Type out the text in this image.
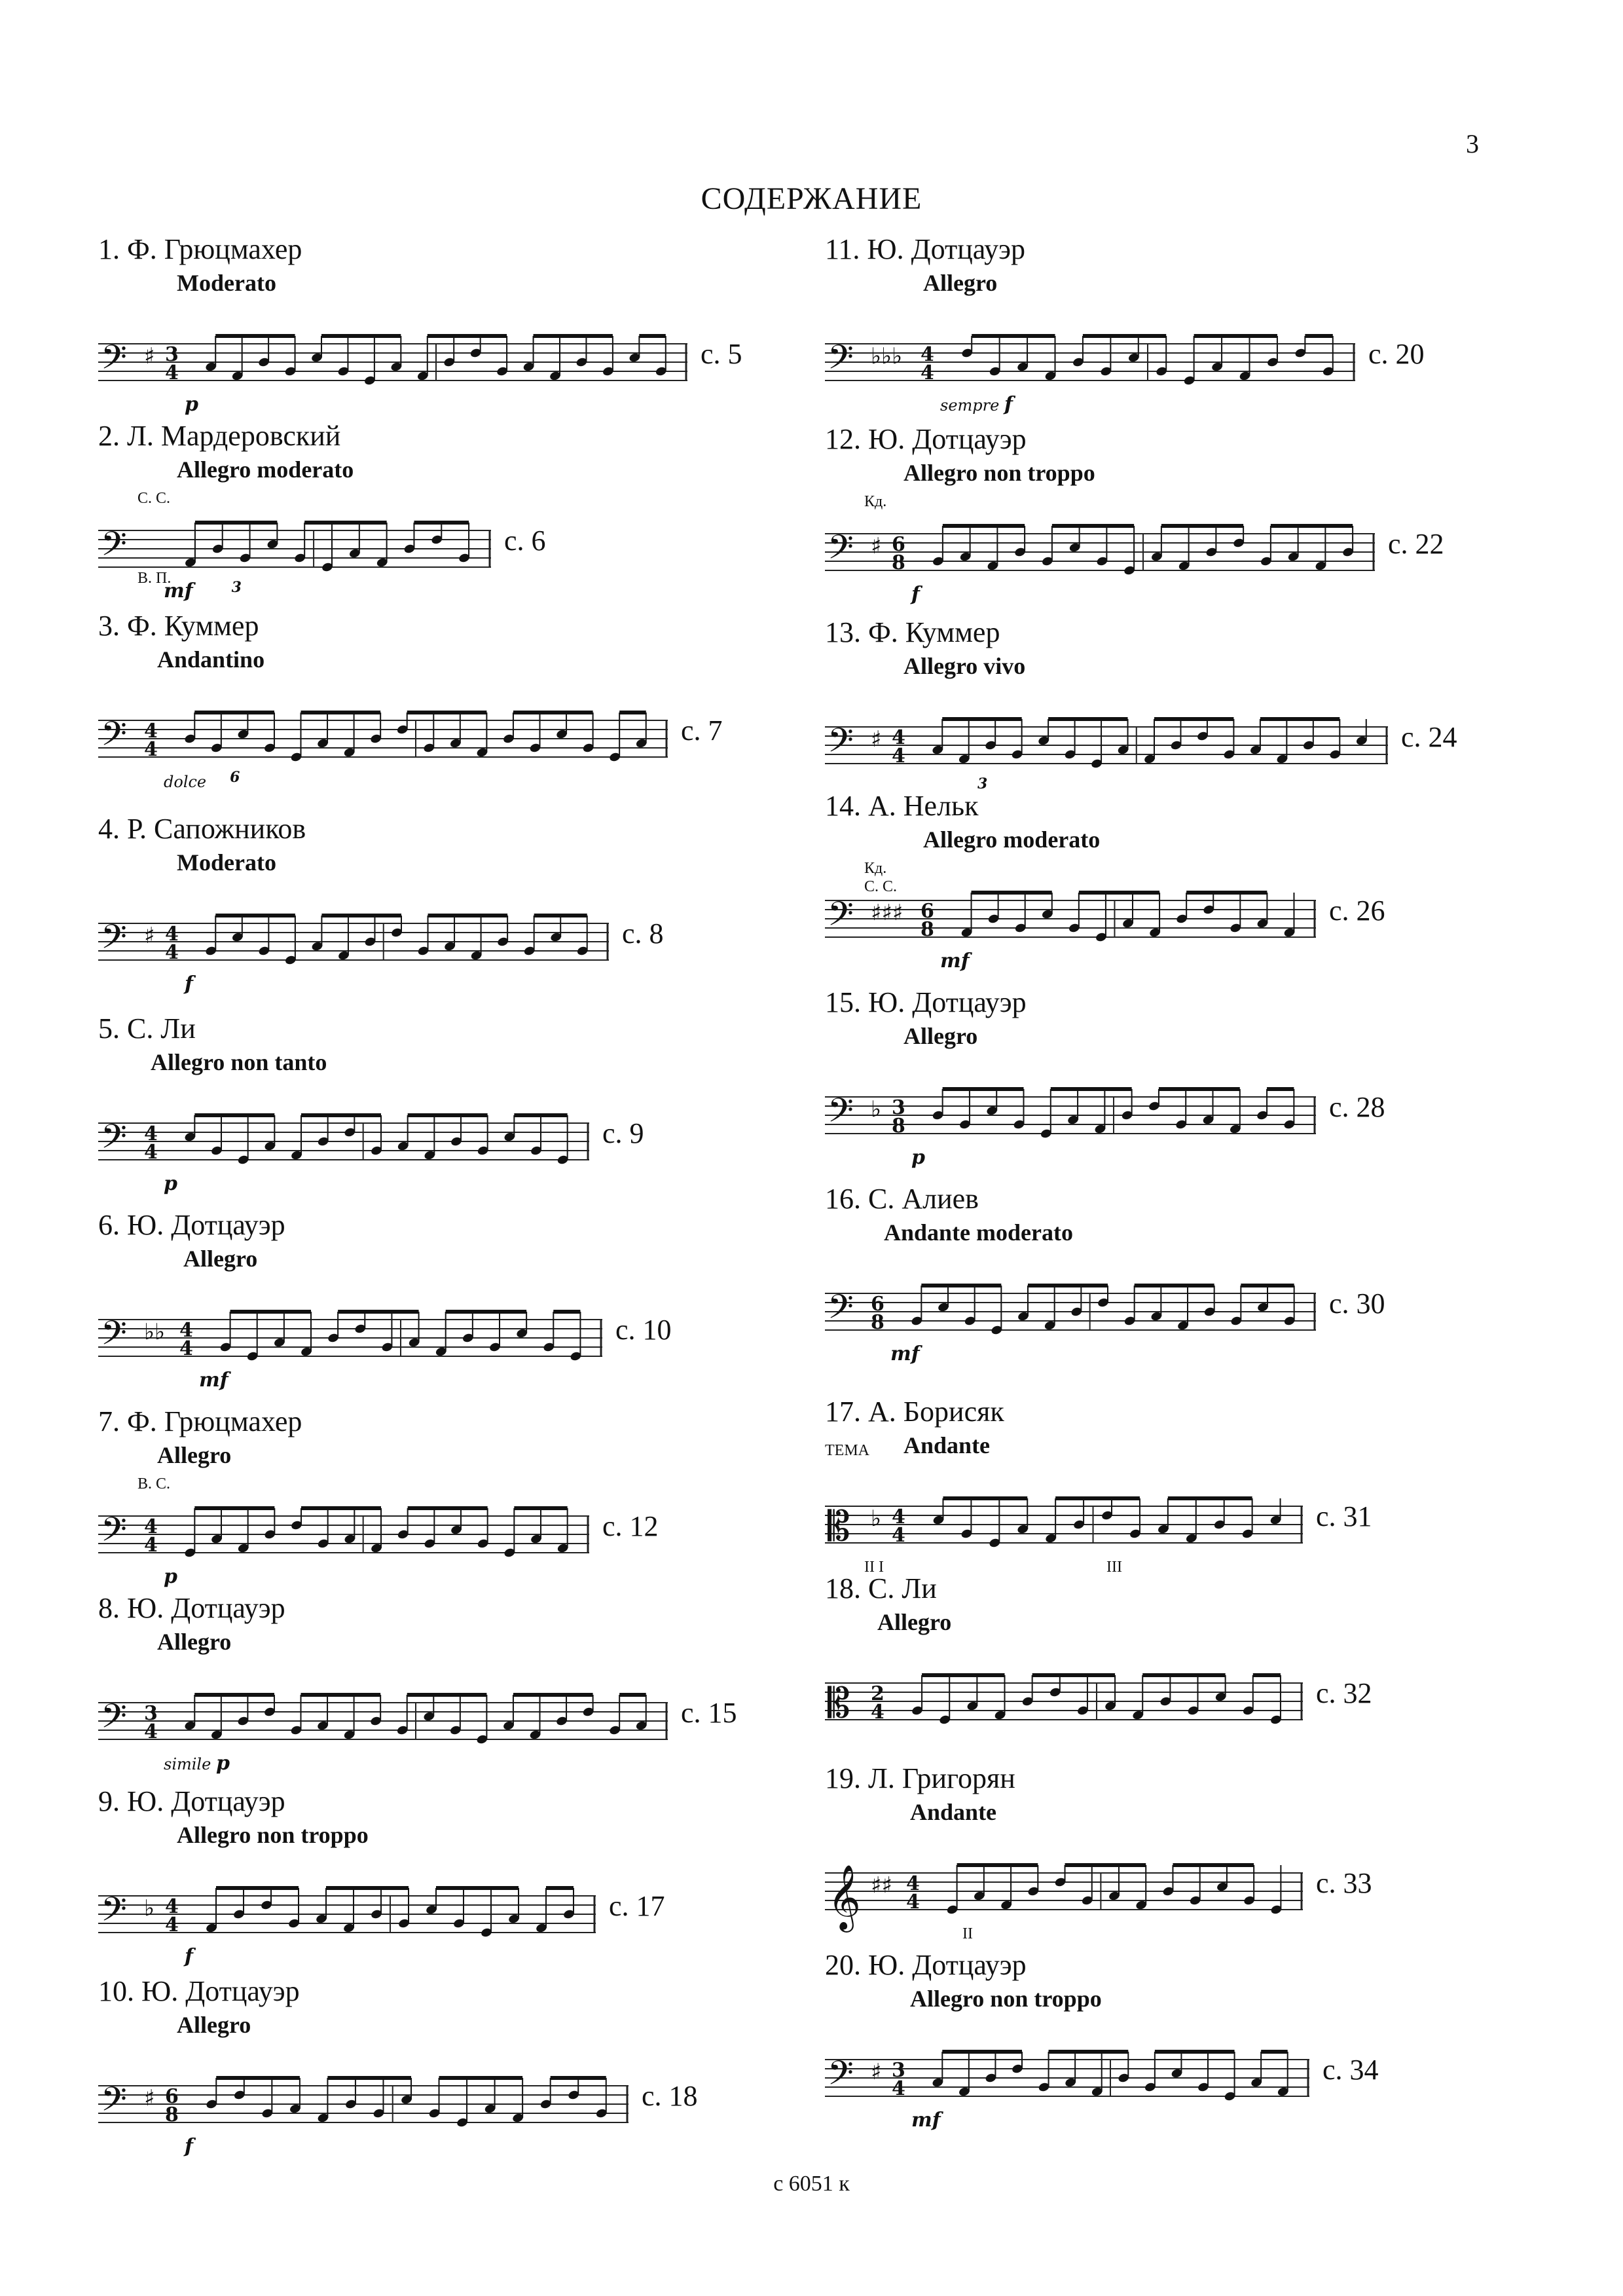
3
СОДЕРЖАНИЕ
1. Ф. Грюцмахер
Moderato
𝄢 ♯ 3
4
p
с. 5
2. Л. Мардеровский
Allegro moderato
𝄢
mf	3
С. С.
В. П.
с. 6
3. Ф. Куммер
Andantino
𝄢 4
4
dolce 6
с. 7
4. Р. Сапожников
Moderato
𝄢 ♯ 4
4
f
с. 8
5. С. Ли
Allegro non tanto
𝄢 4
4
p
с. 9
6. Ю. Дотцауэр
Allegro
𝄢 ♭♭ 4
4
mf
с. 10
7. Ф. Грюцмахер
Allegro
𝄢 4
4
p
В. С.
с. 12
8. Ю. Дотцауэр
Allegro
𝄢 3
4
simile p
с. 15
9. Ю. Дотцауэр
Allegro non troppo
𝄢 ♭ 4
4
f
с. 17
10. Ю. Дотцауэр
Allegro
𝄢 ♯ 6
8
f
с. 18
11. Ю. Дотцауэр
Allegro
𝄢 ♭♭♭ 4
4
sempre f
с. 20
12. Ю. Дотцауэр
Allegro non troppo
𝄢 ♯ 6
8
f
Кд.
с. 22
13. Ф. Куммер
Allegro vivo
𝄢 ♯ 4
4
3
с. 24
14. А. Нельк
Allegro moderato
𝄢 ♯♯♯ 6
8
mf
Кд.
С. С.
с. 26
15. Ю. Дотцауэр
Allegro
𝄢 ♭ 3
8
p
с. 28
16. С. Алиев
Andante moderato
𝄢 6
8
mf
с. 30
17. А. Борисяк
Andante
TEMA
𝄡 ♭ 4
4
II I	III
с. 31
18. С. Ли
Allegro
𝄡 2
4
с. 32
19. Л. Григорян
Andante
𝄞 ♯♯ 4
4
II
с. 33
20. Ю. Дотцауэр
Allegro non troppo
𝄢 ♯ 3
4
mf
с. 34
с 6051 к
